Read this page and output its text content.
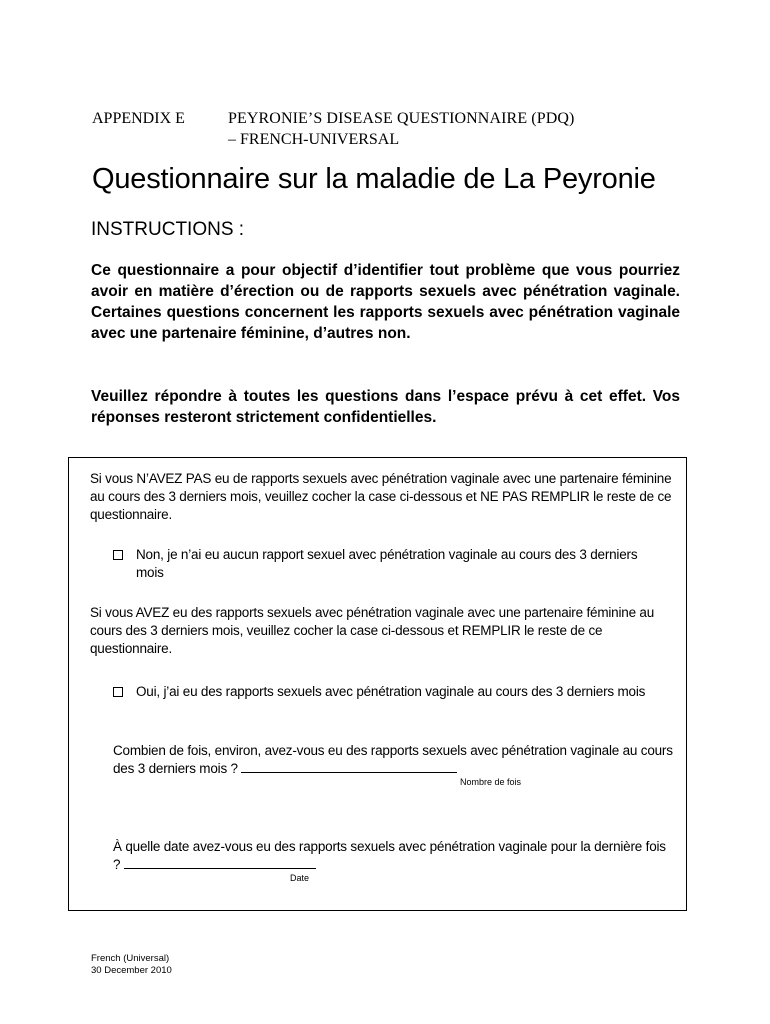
APPENDIX E	PEYRONIE’S DISEASE QUESTIONNAIRE (PDQ)
– FRENCH-UNIVERSAL
Questionnaire sur la maladie de La Peyronie
INSTRUCTIONS :

Ce questionnaire a pour objectif d’identifier tout problème que vous pourriez avoir en matière d’érection ou de rapports sexuels avec pénétration vaginale. Certaines questions concernent les rapports sexuels avec pénétration vaginale avec une partenaire féminine, d’autres non.

Veuillez répondre à toutes les questions dans l’espace prévu à cet effet. Vos réponses resteront strictement confidentielles.

Si vous N’AVEZ PAS eu de rapports sexuels avec pénétration vaginale avec une partenaire féminine au cours des 3 derniers mois, veuillez cocher la case ci-dessous et NE PAS REMPLIR le reste de ce questionnaire.

Non, je n’ai eu aucun rapport sexuel avec pénétration vaginale au cours des 3 derniers mois

Si vous AVEZ eu des rapports sexuels avec pénétration vaginale avec une partenaire féminine au cours des 3 derniers mois, veuillez cocher la case ci-dessous et REMPLIR le reste de ce questionnaire.

Oui, j’ai eu des rapports sexuels avec pénétration vaginale au cours des 3 derniers mois
Combien de fois, environ, avez-vous eu des rapports sexuels avec pénétration vaginale au cours des 3 derniers mois ?
Nombre de fois
À quelle date avez-vous eu des rapports sexuels avec pénétration vaginale pour la dernière fois ?
Date
French (Universal)
30 December 2010
